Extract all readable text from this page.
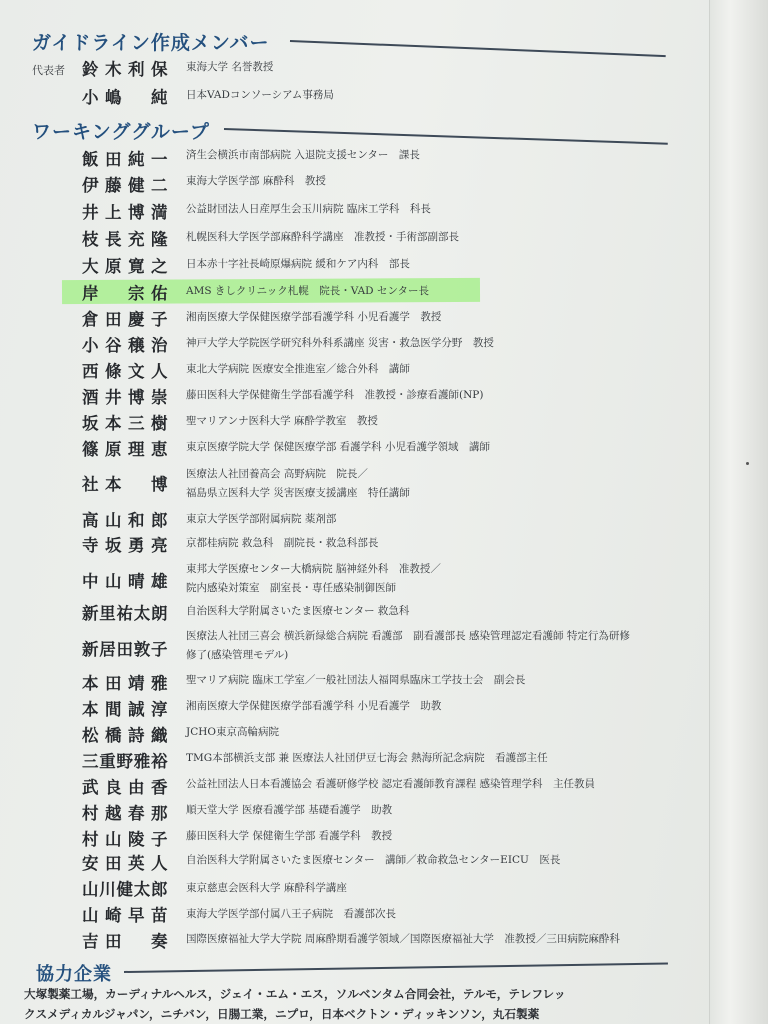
ガイドライン作成メンバー
代表者 鈴木利保 東海大学 名誉教授
小嶋　純 日本VADコンソーシアム事務局
ワーキンググループ
飯田純一 済生会横浜市南部病院 入退院支援センター　課長
伊藤健二 東海大学医学部 麻酔科　教授
井上博満 公益財団法人日産厚生会玉川病院 臨床工学科　科長
枝長充隆 札幌医科大学医学部麻酔科学講座　准教授・手術部副部長
大原寛之 日本赤十字社長崎原爆病院 緩和ケア内科　部長
岸　宗佑 AMS きしクリニック札幌　院長・VAD センター長
倉田慶子 湘南医療大学保健医療学部看護学科 小児看護学　教授
小谷穣治 神戸大学大学院医学研究科外科系講座 災害・救急医学分野　教授
西條文人 東北大学病院 医療安全推進室／総合外科　講師
酒井博崇 藤田医科大学保健衛生学部看護学科　准教授・診療看護師(NP)
坂本三樹 聖マリアンナ医科大学 麻酔学教室　教授
篠原理恵 東京医療学院大学 保健医療学部 看護学科 小児看護学領域　講師
社本　博
医療法人社団養高会 高野病院　院長／
福島県立医科大学 災害医療支援講座　特任講師
高山和郎 東京大学医学部附属病院 薬剤部
寺坂勇亮 京都桂病院 救急科　副院長・救急科部長
中山晴雄
東邦大学医療センター大橋病院 脳神経外科　准教授／
院内感染対策室　副室長・専任感染制御医師
新里祐太朗 自治医科大学附属さいたま医療センター 救急科
新居田敦子
医療法人社団三喜会 横浜新緑総合病院 看護部　副看護部長 感染管理認定看護師 特定行為研修
修了(感染管理モデル)
本田靖雅 聖マリア病院 臨床工学室／一般社団法人福岡県臨床工学技士会　副会長
本間誠淳 湘南医療大学保健医療学部看護学科 小児看護学　助教
松橋詩織 JCHO東京高輪病院
三重野雅裕 TMG本部横浜支部 兼 医療法人社団伊豆七海会 熱海所記念病院　看護部主任
武良由香 公益社団法人日本看護協会 看護研修学校 認定看護師教育課程 感染管理学科　主任教員
村越春那 順天堂大学 医療看護学部 基礎看護学　助教
村山陵子 藤田医科大学 保健衛生学部 看護学科　教授
安田英人 自治医科大学附属さいたま医療センター　講師／救命救急センターEICU　医長
山川健太郎 東京慈恵会医科大学 麻酔科学講座
山崎早苗 東海大学医学部付属八王子病院　看護部次長
吉田　奏 国際医療福祉大学大学院 周麻酔期看護学領域／国際医療福祉大学　准教授／三田病院麻酔科
協力企業
大塚製薬工場，カーディナルヘルス，ジェイ・エム・エス，ソルベンタム合同会社，テルモ，テレフレッ
クスメディカルジャパン，ニチバン，日腸工業，ニプロ，日本ベクトン・ディッキンソン，丸石製薬
